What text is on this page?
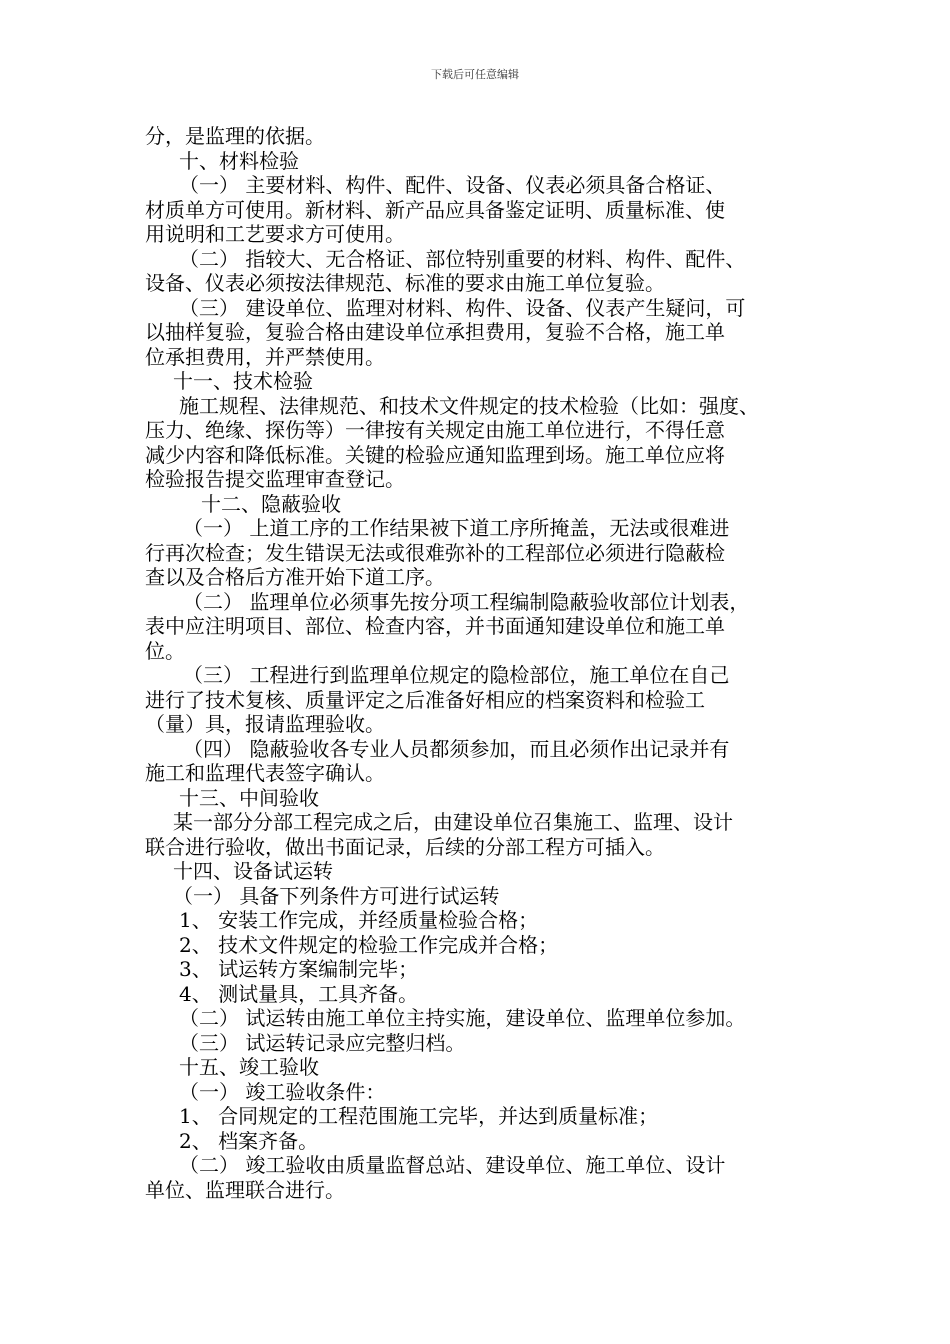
下载后可任意编辑
分，是监理的依据。
十、材料检验
（一） 主要材料、构件、配件、设备、仪表必须具备合格证、
材质单方可使用。新材料、新产品应具备鉴定证明、质量标准、使
用说明和工艺要求方可使用。
（二） 指较大、无合格证、部位特别重要的材料、构件、配件、
设备、仪表必须按法律规范、标准的要求由施工单位复验。
（三） 建设单位、监理对材料、构件、设备、仪表产生疑问，可
以抽样复验，复验合格由建设单位承担费用，复验不合格，施工单
位承担费用，并严禁使用。
十一、技术检验
施工规程、法律规范、和技术文件规定的技术检验（比如：强度、
压力、绝缘、探伤等）一律按有关规定由施工单位进行，不得任意
减少内容和降低标准。关键的检验应通知监理到场。施工单位应将
检验报告提交监理审查登记。
十二、隐蔽验收
（一） 上道工序的工作结果被下道工序所掩盖，无法或很难进
行再次检查；发生错误无法或很难弥补的工程部位必须进行隐蔽检
查以及合格后方准开始下道工序。
（二） 监理单位必须事先按分项工程编制隐蔽验收部位计划表，
表中应注明项目、部位、检查内容，并书面通知建设单位和施工单
位。
（三） 工程进行到监理单位规定的隐检部位，施工单位在自己
进行了技术复核、质量评定之后准备好相应的档案资料和检验工
（量）具，报请监理验收。
（四） 隐蔽验收各专业人员都须参加，而且必须作出记录并有
施工和监理代表签字确认。
十三、中间验收
某一部分分部工程完成之后，由建设单位召集施工、监理、设计
联合进行验收，做出书面记录，后续的分部工程方可插入。
十四、设备试运转
（一） 具备下列条件方可进行试运转
1、 安装工作完成，并经质量检验合格；
2、 技术文件规定的检验工作完成并合格；
3、 试运转方案编制完毕；
4、 测试量具，工具齐备。
（二） 试运转由施工单位主持实施，建设单位、监理单位参加。
（三） 试运转记录应完整归档。
十五、竣工验收
（一） 竣工验收条件：
1、 合同规定的工程范围施工完毕，并达到质量标准；
2、 档案齐备。
（二） 竣工验收由质量监督总站、建设单位、施工单位、设计
单位、监理联合进行。
